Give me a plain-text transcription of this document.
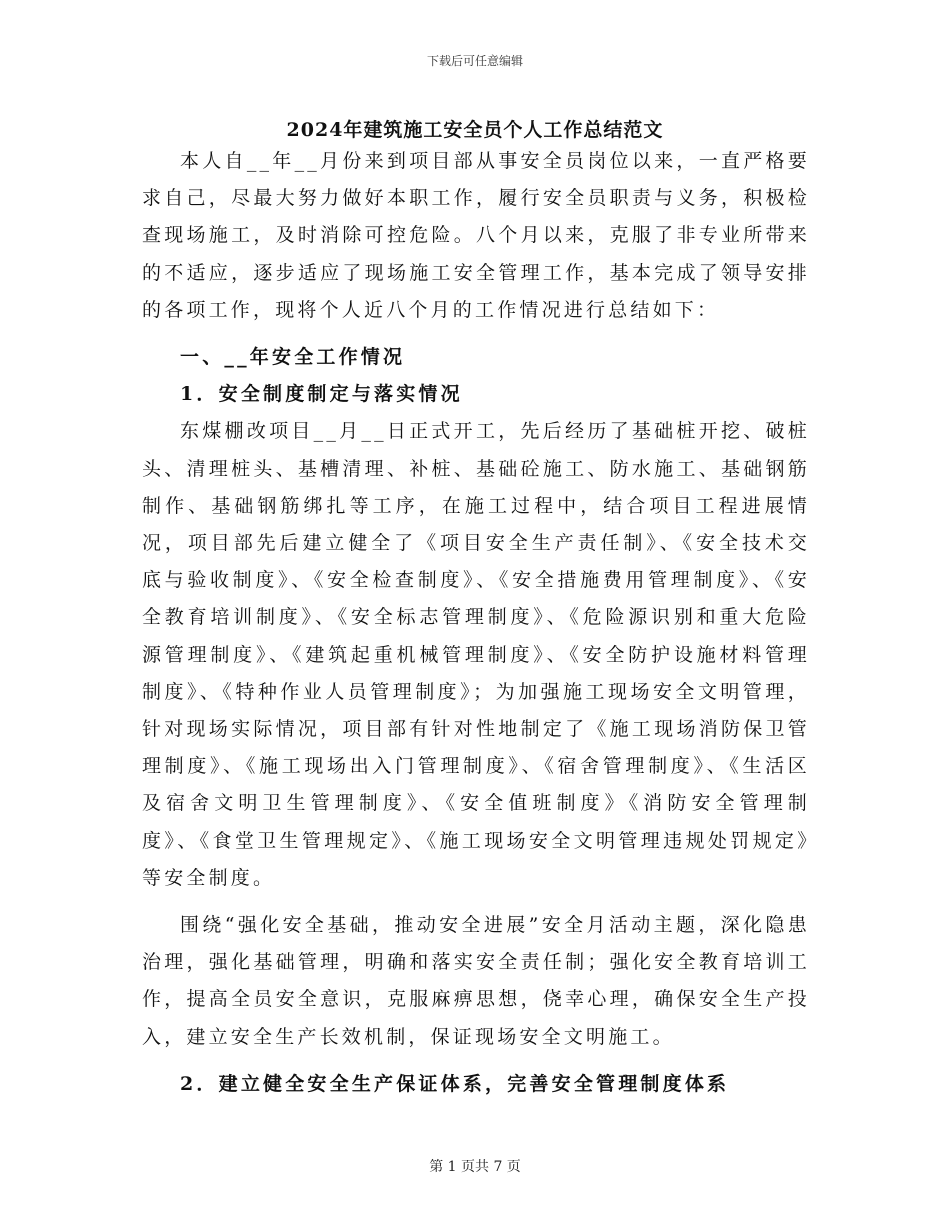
下载后可任意编辑
2024年建筑施工安全员个人工作总结范文

本人自__年__月份来到项目部从事安全员岗位以来，一直严格要求自己，尽最大努力做好本职工作，履行安全员职责与义务，积极检查现场施工，及时消除可控危险。八个月以来，克服了非专业所带来的不适应，逐步适应了现场施工安全管理工作，基本完成了领导安排的各项工作，现将个人近八个月的工作情况进行总结如下：

一、__年安全工作情况

1．安全制度制定与落实情况

东煤棚改项目__月__日正式开工，先后经历了基础桩开挖、破桩头、清理桩头、基槽清理、补桩、基础砼施工、防水施工、基础钢筋制作、基础钢筋绑扎等工序，在施工过程中，结合项目工程进展情况，项目部先后建立健全了《项目安全生产责任制》、《安全技术交底与验收制度》、《安全检查制度》、《安全措施费用管理制度》、《安全教育培训制度》、《安全标志管理制度》、《危险源识别和重大危险源管理制度》、《建筑起重机械管理制度》、《安全防护设施材料管理制度》、《特种作业人员管理制度》；为加强施工现场安全文明管理，针对现场实际情况，项目部有针对性地制定了《施工现场消防保卫管理制度》、《施工现场出入门管理制度》、《宿舍管理制度》、《生活区及宿舍文明卫生管理制度》、《安全值班制度》《消防安全管理制度》、《食堂卫生管理规定》、《施工现场安全文明管理违规处罚规定》等安全制度。

围绕“强化安全基础，推动安全进展”安全月活动主题，深化隐患治理，强化基础管理，明确和落实安全责任制；强化安全教育培训工作，提高全员安全意识，克服麻痹思想，侥幸心理，确保安全生产投入，建立安全生产长效机制，保证现场安全文明施工。

2．建立健全安全生产保证体系，完善安全管理制度体系

第 1 页共 7 页
